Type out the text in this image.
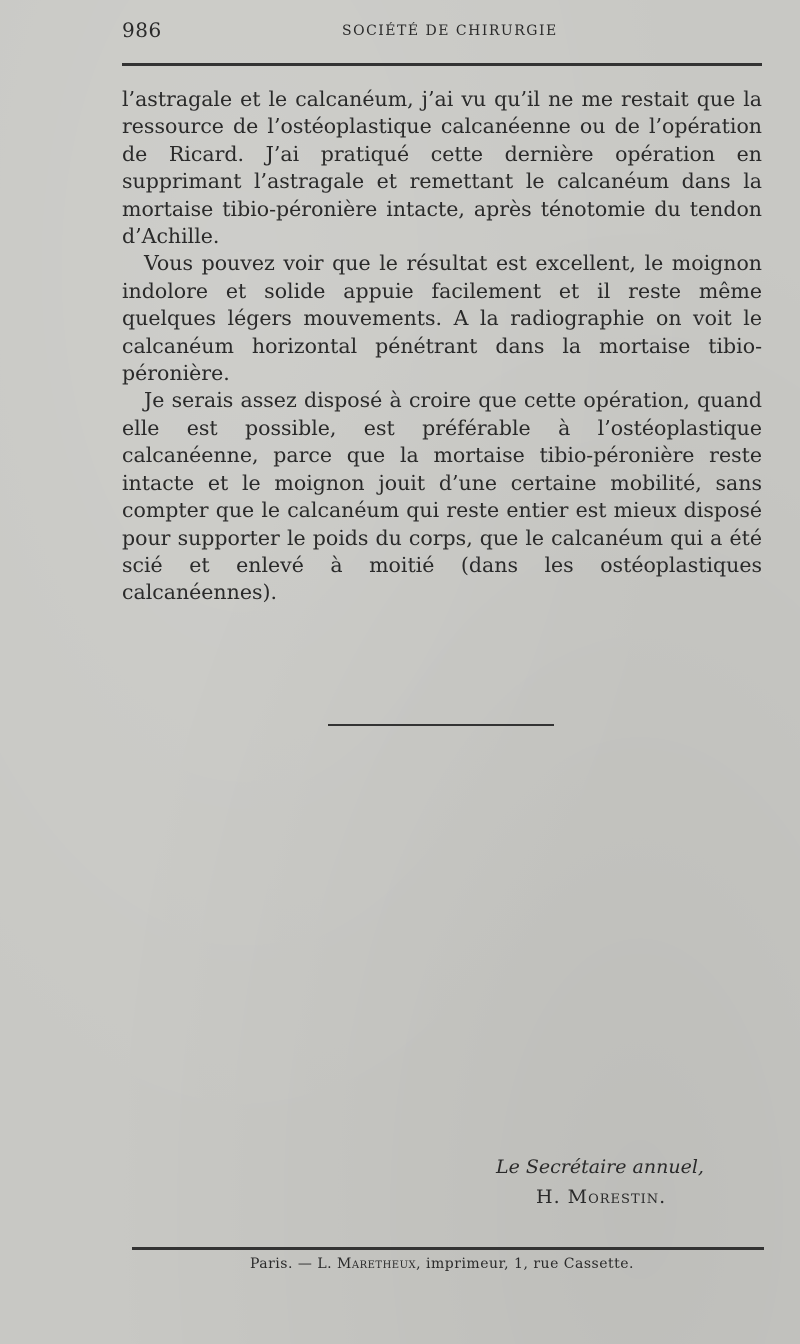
986	SOCIÉTÉ DE CHIRURGIE

l’astragale et le calcanéum, j’ai vu qu’il ne me restait que la ressource de l’ostéoplastique calcanéenne ou de l’opération de Ricard. J’ai pratiqué cette dernière opération en supprimant l’astragale et remettant le calcanéum dans la mortaise tibio-péronière intacte, après ténotomie du tendon d’Achille.

Vous pouvez voir que le résultat est excellent, le moignon indolore et solide appuie facilement et il reste même quelques légers mouvements. A la radiographie on voit le calcanéum horizontal pénétrant dans la mortaise tibio-péronière.

Je serais assez disposé à croire que cette opération, quand elle est possible, est préférable à l’ostéoplastique calcanéenne, parce que la mortaise tibio-péronière reste intacte et le moignon jouit d’une certaine mobilité, sans compter que le calcanéum qui reste entier est mieux disposé pour supporter le poids du corps, que le calcanéum qui a été scié et enlevé à moitié (dans les ostéoplastiques calcanéennes).

Le Secrétaire annuel,
H. Morestin.
Paris. — L. Maretheux, imprimeur, 1, rue Cassette.
